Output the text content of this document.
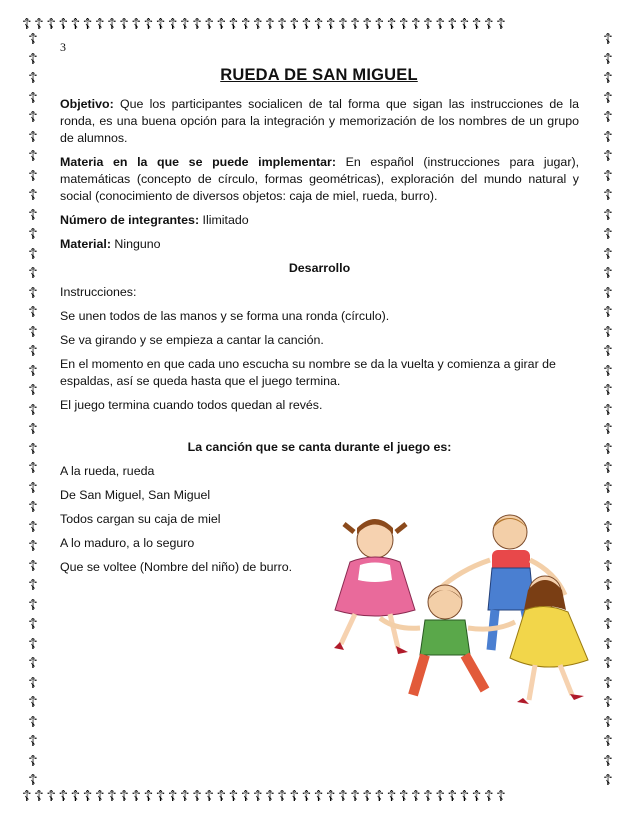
☦☦☦☦☦☦☦☦☦☦☦☦☦☦☦☦☦☦☦☦☦☦☦☦☦☦☦☦☦☦☦☦☦☦☦☦☦☦☦☦
☦☦☦☦☦☦☦☦☦☦☦☦☦☦☦☦☦☦☦☦☦☦☦☦☦☦☦☦☦☦☦☦☦☦☦☦☦☦☦☦
☦
☦
☦
☦
☦
☦
☦
☦
☦
☦
☦
☦
☦
☦
☦
☦
☦
☦
☦
☦
☦
☦
☦
☦
☦
☦
☦
☦
☦
☦
☦
☦
☦
☦
☦
☦
☦
☦
☦
☦
☦
☦
☦
☦
☦
☦
☦
☦
☦
☦
☦
☦
☦
☦
☦
☦
☦
☦
☦
☦
☦
☦
☦
☦
☦
☦
☦
☦
☦
☦
☦
☦
☦
☦
☦
☦
☦
☦
3
RUEDA DE SAN MIGUEL

Objetivo: Que los participantes socialicen de tal forma que sigan las instrucciones de la ronda, es una buena opción para la integración y memorización de los nombres de un grupo de alumnos.

Materia en la que se puede implementar: En español (instrucciones para jugar), matemáticas (concepto de círculo, formas geométricas), exploración del mundo natural y social (conocimiento de diversos objetos: caja de miel, rueda, burro).

Número de integrantes: Ilimitado

Material: Ninguno

Desarrollo

Instrucciones:

Se unen todos de las manos y se forma una ronda (círculo).

Se va girando y se empieza a cantar la canción.

En el momento en que cada uno escucha su nombre se da la vuelta y comienza a girar de espaldas, así se queda hasta que el juego termina.

El juego termina cuando todos quedan al revés.

La canción que se canta durante el juego es:

A la rueda, rueda

De San Miguel, San Miguel

Todos cargan su caja de miel

A lo maduro, a lo seguro

Que se voltee (Nombre del niño) de burro.
